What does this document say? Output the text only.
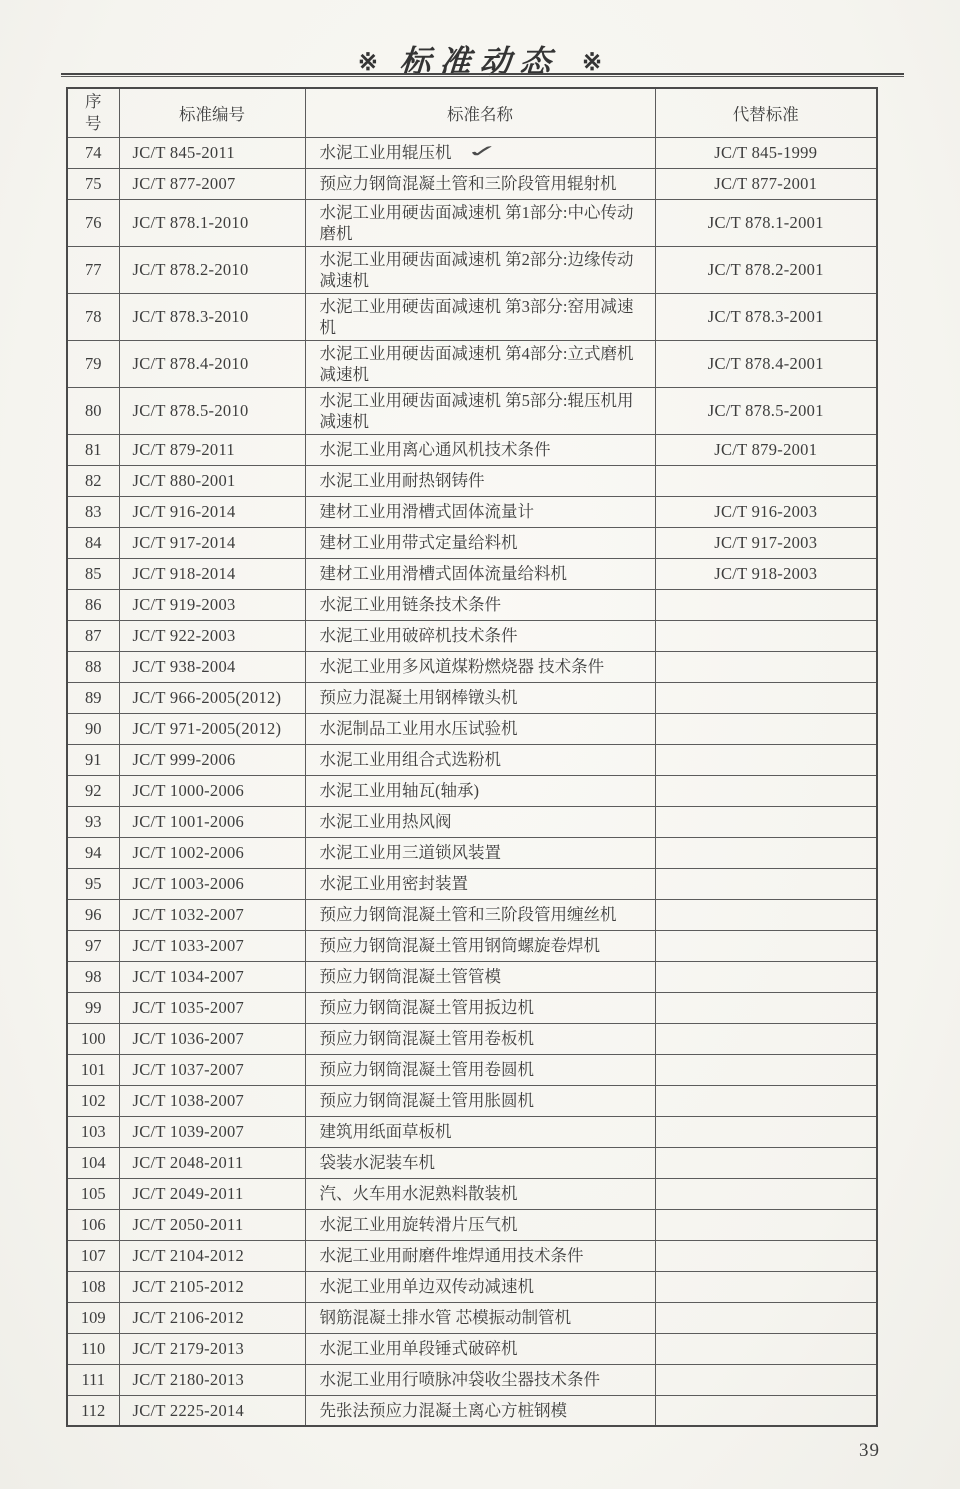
※ 标准动态 ※
序号	标准编号	标准名称	代替标准
74	JC/T 845-2011	水泥工业用辊压机 ✓	JC/T 845-1999
75	JC/T 877-2007	预应力钢筒混凝土管和三阶段管用辊射机	JC/T 877-2001
76	JC/T 878.1-2010	水泥工业用硬齿面减速机 第1部分:中心传动磨机	JC/T 878.1-2001
77	JC/T 878.2-2010	水泥工业用硬齿面减速机 第2部分:边缘传动减速机	JC/T 878.2-2001
78	JC/T 878.3-2010	水泥工业用硬齿面减速机 第3部分:窑用减速机	JC/T 878.3-2001
79	JC/T 878.4-2010	水泥工业用硬齿面减速机 第4部分:立式磨机减速机	JC/T 878.4-2001
80	JC/T 878.5-2010	水泥工业用硬齿面减速机 第5部分:辊压机用减速机	JC/T 878.5-2001
81	JC/T 879-2011	水泥工业用离心通风机技术条件	JC/T 879-2001
82	JC/T 880-2001	水泥工业用耐热钢铸件	
83	JC/T 916-2014	建材工业用滑槽式固体流量计	JC/T 916-2003
84	JC/T 917-2014	建材工业用带式定量给料机	JC/T 917-2003
85	JC/T 918-2014	建材工业用滑槽式固体流量给料机	JC/T 918-2003
86	JC/T 919-2003	水泥工业用链条技术条件	
87	JC/T 922-2003	水泥工业用破碎机技术条件	
88	JC/T 938-2004	水泥工业用多风道煤粉燃烧器 技术条件	
89	JC/T 966-2005(2012)	预应力混凝土用钢棒镦头机	
90	JC/T 971-2005(2012)	水泥制品工业用水压试验机	
91	JC/T 999-2006	水泥工业用组合式选粉机	
92	JC/T 1000-2006	水泥工业用轴瓦(轴承)	
93	JC/T 1001-2006	水泥工业用热风阀	
94	JC/T 1002-2006	水泥工业用三道锁风装置	
95	JC/T 1003-2006	水泥工业用密封装置	
96	JC/T 1032-2007	预应力钢筒混凝土管和三阶段管用缠丝机	
97	JC/T 1033-2007	预应力钢筒混凝土管用钢筒螺旋卷焊机	
98	JC/T 1034-2007	预应力钢筒混凝土管管模	
99	JC/T 1035-2007	预应力钢筒混凝土管用扳边机	
100	JC/T 1036-2007	预应力钢筒混凝土管用卷板机	
101	JC/T 1037-2007	预应力钢筒混凝土管用卷圆机	
102	JC/T 1038-2007	预应力钢筒混凝土管用胀圆机	
103	JC/T 1039-2007	建筑用纸面草板机	
104	JC/T 2048-2011	袋装水泥装车机	
105	JC/T 2049-2011	汽、火车用水泥熟料散装机	
106	JC/T 2050-2011	水泥工业用旋转滑片压气机	
107	JC/T 2104-2012	水泥工业用耐磨件堆焊通用技术条件	
108	JC/T 2105-2012	水泥工业用单边双传动减速机	
109	JC/T 2106-2012	钢筋混凝土排水管 芯模振动制管机	
110	JC/T 2179-2013	水泥工业用单段锤式破碎机	
111	JC/T 2180-2013	水泥工业用行喷脉冲袋收尘器技术条件	
112	JC/T 2225-2014	先张法预应力混凝土离心方桩钢模	
39
